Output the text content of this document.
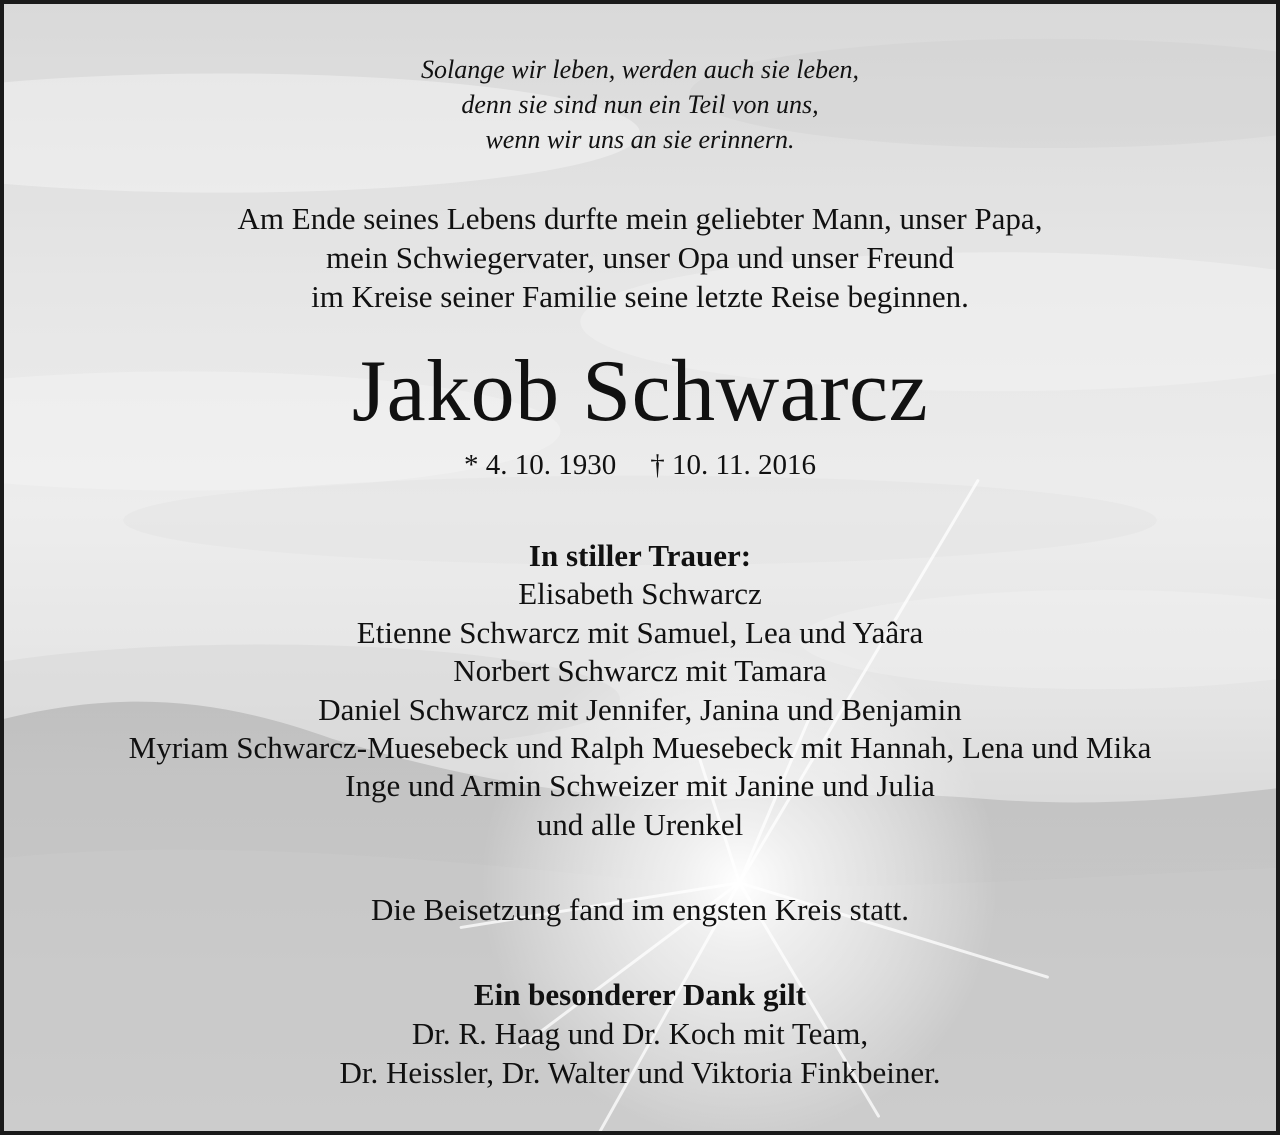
Solange wir leben, werden auch sie leben,
denn sie sind nun ein Teil von uns,
wenn wir uns an sie erinnern.
Am Ende seines Lebens durfte mein geliebter Mann, unser Papa,
mein Schwiegervater, unser Opa und unser Freund
im Kreise seiner Familie seine letzte Reise beginnen.
Jakob Schwarcz
* 4. 10. 1930 † 10. 11. 2016
In stiller Trauer:
Elisabeth Schwarcz
Etienne Schwarcz mit Samuel, Lea und Yaâra
Norbert Schwarcz mit Tamara
Daniel Schwarcz mit Jennifer, Janina und Benjamin
Myriam Schwarcz-Muesebeck und Ralph Muesebeck mit Hannah, Lena und Mika
Inge und Armin Schweizer mit Janine und Julia
und alle Urenkel
Die Beisetzung fand im engsten Kreis statt.
Ein besonderer Dank gilt
Dr. R. Haag und Dr. Koch mit Team,
Dr. Heissler, Dr. Walter und Viktoria Finkbeiner.
